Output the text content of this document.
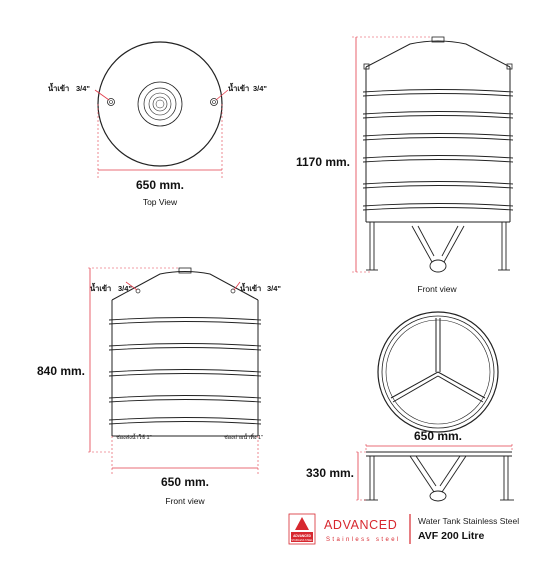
น้ำเข้า 3/4"	น้ำเข้า 3/4"
650 mm.
Top View
1170 mm.
Front view
น้ำเข้า 3/4"	น้ำเข้า 3/4"
ช่องส่งน้ำใช้ 1"	ช่องถ่ายน้ำทิ้ง 1"
840 mm.
650 mm.
Front view
650 mm.
330 mm.
ADVANCED
STAINLESS STEEL
ADVANCED
Stainless steel
Water Tank Stainless Steel
AVF 200 Litre
